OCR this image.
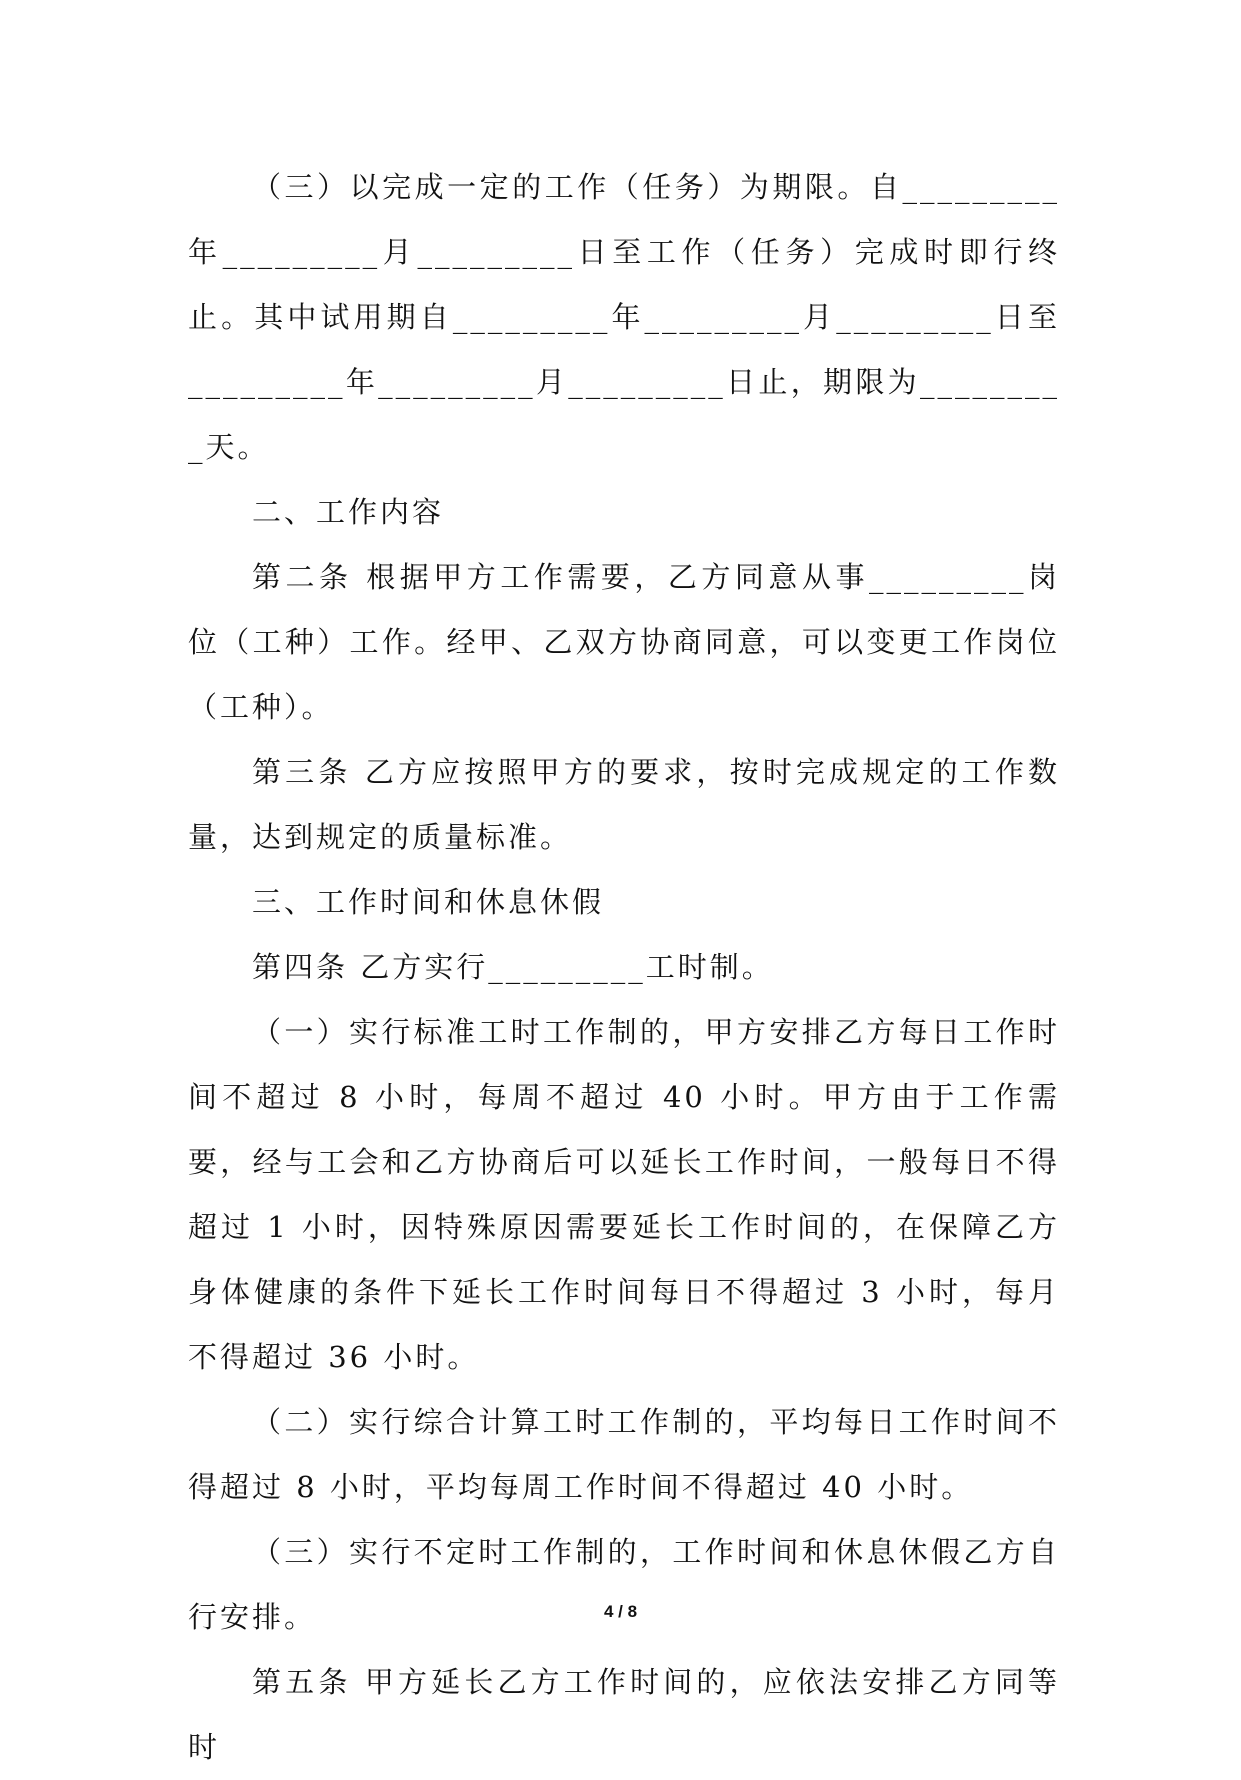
（三）以完成一定的工作（任务）为期限。自_________年_________月_________日至工作（任务）完成时即行终止。其中试用期自_________年_________月_________日至_________年_________月_________日止，期限为_________天。

二、工作内容

第二条 根据甲方工作需要，乙方同意从事_________岗位（工种）工作。经甲、乙双方协商同意，可以变更工作岗位（工种）。

第三条 乙方应按照甲方的要求，按时完成规定的工作数量，达到规定的质量标准。

三、工作时间和休息休假

第四条 乙方实行_________工时制。

（一）实行标准工时工作制的，甲方安排乙方每日工作时间不超过 8 小时，每周不超过 40 小时。甲方由于工作需要，经与工会和乙方协商后可以延长工作时间，一般每日不得超过 1 小时，因特殊原因需要延长工作时间的，在保障乙方身体健康的条件下延长工作时间每日不得超过 3 小时，每月不得超过 36 小时。

（二）实行综合计算工时工作制的，平均每日工作时间不得超过 8 小时，平均每周工作时间不得超过 40 小时。

（三）实行不定时工作制的，工作时间和休息休假乙方自行安排。

第五条 甲方延长乙方工作时间的，应依法安排乙方同等时

4 / 8
